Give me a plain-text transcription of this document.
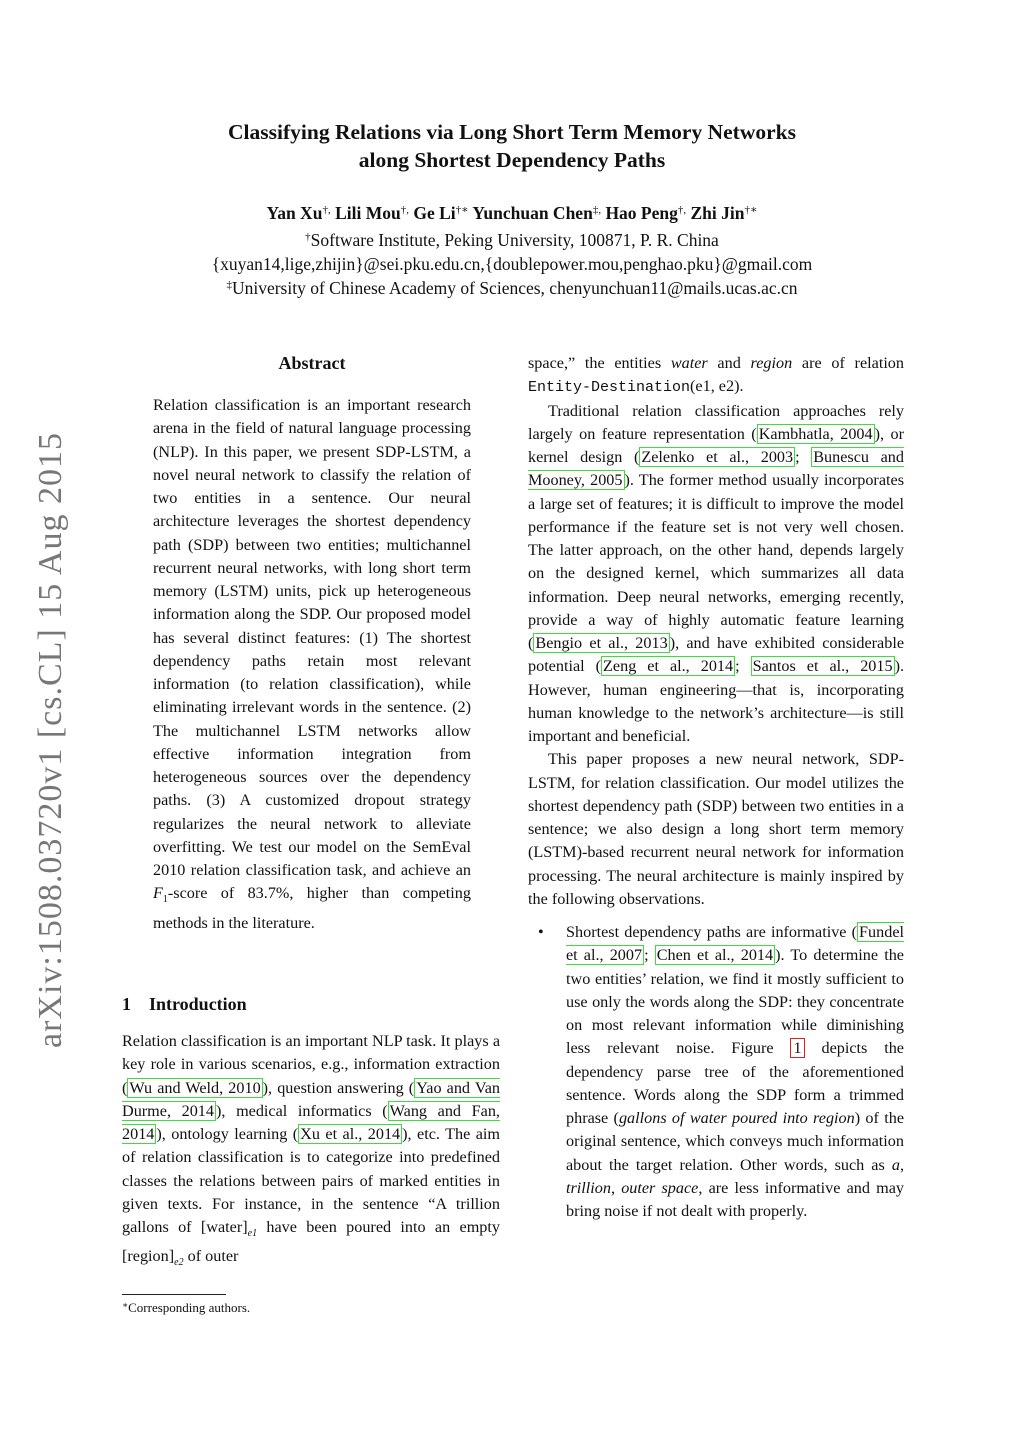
Classifying Relations via Long Short Term Memory Networks
along Shortest Dependency Paths
Yan Xu†, Lili Mou†, Ge Li†∗ Yunchuan Chen‡, Hao Peng†, Zhi Jin†∗
†Software Institute, Peking University, 100871, P. R. China
{xuyan14,lige,zhijin}@sei.pku.edu.cn,{doublepower.mou,penghao.pku}@gmail.com
‡University of Chinese Academy of Sciences, chenyunchuan11@mails.ucas.ac.cn
arXiv:1508.03720v1 [cs.CL] 15 Aug 2015
Abstract
Relation classification is an important research arena in the field of natural language processing (NLP). In this paper, we present SDP-LSTM, a novel neural network to classify the relation of two entities in a sentence. Our neural architecture leverages the shortest dependency path (SDP) between two entities; multichannel recurrent neural networks, with long short term memory (LSTM) units, pick up heterogeneous information along the SDP. Our proposed model has several distinct features: (1) The shortest dependency paths retain most relevant information (to relation classification), while eliminating irrelevant words in the sentence. (2) The multichannel LSTM networks allow effective information integration from heterogeneous sources over the dependency paths. (3) A customized dropout strategy regularizes the neural network to alleviate overfitting. We test our model on the SemEval 2010 relation classification task, and achieve an $F_1$-score of 83.7%, higher than competing methods in the literature.
1 Introduction
Relation classification is an important NLP task. It plays a key role in various scenarios, e.g., information extraction ( Wu and Weld, 2010 ), question answering ( Yao and Van Durme, 2014 ), medical informatics ( Wang and Fan, 2014 ), ontology learning ( Xu et al., 2014 ), etc. The aim of relation classification is to categorize into predefined classes the relations between pairs of marked entities in given texts. For instance, in the sentence “A trillion gallons of $[water]_{e1}$ have been poured into an empty $[region]_{e2}$ of outer
∗Corresponding authors.

space,” the entities water and region are of relation Entity-Destination(e1, e2).

Traditional relation classification approaches rely largely on feature representation ( Kambhatla, 2004 ), or kernel design ( Zelenko et al., 2003 ; Bunescu and Mooney, 2005 ). The former method usually incorporates a large set of features; it is difficult to improve the model performance if the feature set is not very well chosen. The latter approach, on the other hand, depends largely on the designed kernel, which summarizes all data information. Deep neural networks, emerging recently, provide a way of highly automatic feature learning ( Bengio et al., 2013 ), and have exhibited considerable potential ( Zeng et al., 2014 ; Santos et al., 2015 ). However, human engineering—that is, incorporating human knowledge to the network’s architecture—is still important and beneficial.

This paper proposes a new neural network, SDP-LSTM, for relation classification. Our model utilizes the shortest dependency path (SDP) between two entities in a sentence; we also design a long short term memory (LSTM)-based recurrent neural network for information processing. The neural architecture is mainly inspired by the following observations.

• Shortest dependency paths are informative ( Fundel et al., 2007 ; Chen et al., 2014 ). To determine the two entities’ relation, we find it mostly sufficient to use only the words along the SDP: they concentrate on most relevant information while diminishing less relevant noise. Figure 1 depicts the dependency parse tree of the aforementioned sentence. Words along the SDP form a trimmed phrase (gallons of water poured into region) of the original sentence, which conveys much information about the target relation. Other words, such as a, trillion, outer space, are less informative and may bring noise if not dealt with properly.
